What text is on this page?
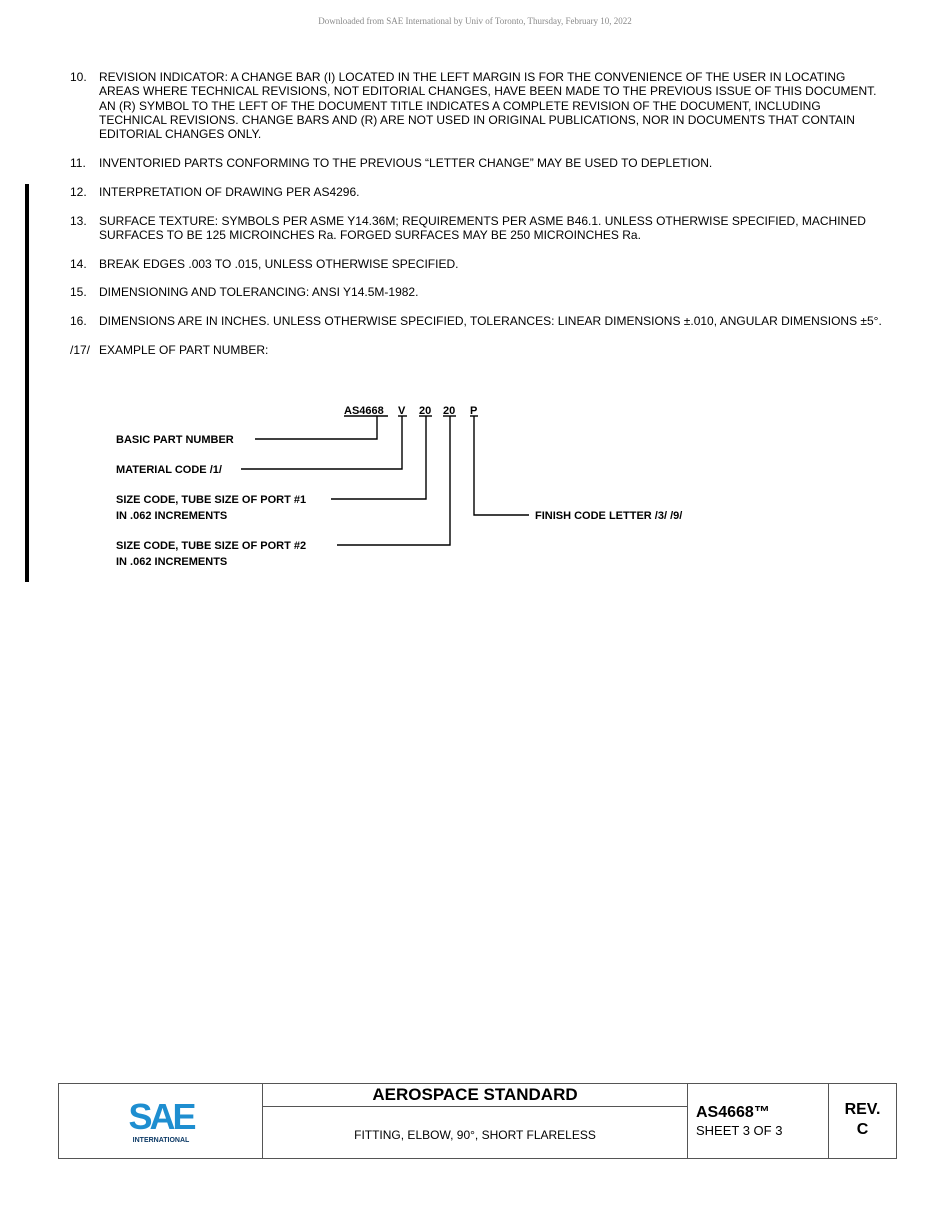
Downloaded from SAE International by Univ of Toronto, Thursday, February 10, 2022
10.	REVISION INDICATOR: A CHANGE BAR (I) LOCATED IN THE LEFT MARGIN IS FOR THE CONVENIENCE OF THE USER IN LOCATING AREAS WHERE TECHNICAL REVISIONS, NOT EDITORIAL CHANGES, HAVE BEEN MADE TO THE PREVIOUS ISSUE OF THIS DOCUMENT. AN (R) SYMBOL TO THE LEFT OF THE DOCUMENT TITLE INDICATES A COMPLETE REVISION OF THE DOCUMENT, INCLUDING TECHNICAL REVISIONS. CHANGE BARS AND (R) ARE NOT USED IN ORIGINAL PUBLICATIONS, NOR IN DOCUMENTS THAT CONTAIN EDITORIAL CHANGES ONLY.
11.	INVENTORIED PARTS CONFORMING TO THE PREVIOUS “LETTER CHANGE” MAY BE USED TO DEPLETION.
12.	INTERPRETATION OF DRAWING PER AS4296.
13.	SURFACE TEXTURE: SYMBOLS PER ASME Y14.36M; REQUIREMENTS PER ASME B46.1. UNLESS OTHERWISE SPECIFIED, MACHINED SURFACES TO BE 125 MICROINCHES Ra. FORGED SURFACES MAY BE 250 MICROINCHES Ra.
14.	BREAK EDGES .003 TO .015, UNLESS OTHERWISE SPECIFIED.
15.	DIMENSIONING AND TOLERANCING: ANSI Y14.5M-1982.
16.	DIMENSIONS ARE IN INCHES. UNLESS OTHERWISE SPECIFIED, TOLERANCES: LINEAR DIMENSIONS ±.010, ANGULAR DIMENSIONS ±5°.
/17/ EXAMPLE OF PART NUMBER:
AS4668 V 20 20 P
BASIC PART NUMBER
MATERIAL CODE /1/
SIZE CODE, TUBE SIZE OF PORT #1
IN .062 INCREMENTS
SIZE CODE, TUBE SIZE OF PORT #2
IN .062 INCREMENTS
FINISH CODE LETTER /3/ /9/
SAE
INTERNATIONAL
AEROSPACE STANDARD
FITTING, ELBOW, 90°, SHORT FLARELESS
AS4668™
SHEET 3 OF 3
REV.
C
